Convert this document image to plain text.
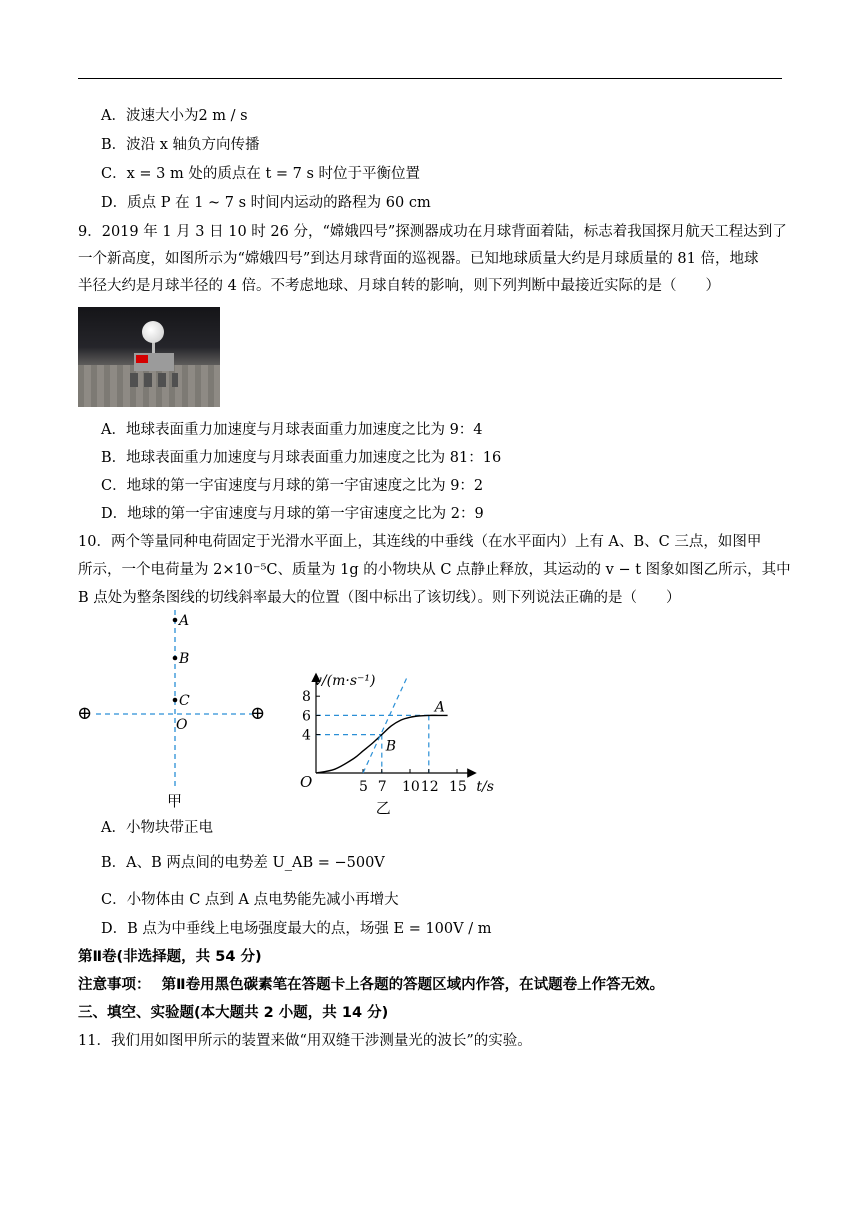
A．波速大小为2 m / s
B．波沿 x 轴负方向传播
C．x = 3 m 处的质点在 t = 7 s 时位于平衡位置
D．质点 P 在 1 ~ 7 s 时间内运动的路程为 60 cm
9．2019 年 1 月 3 日 10 时 26 分，“嫦娥四号”探测器成功在月球背面着陆，标志着我国探月航天工程达到了
一个新高度，如图所示为“嫦娥四号”到达月球背面的巡视器。已知地球质量大约是月球质量的 81 倍，地球
半径大约是月球半径的 4 倍。不考虑地球、月球自转的影响，则下列判断中最接近实际的是（　　）
A．地球表面重力加速度与月球表面重力加速度之比为 9：4
B．地球表面重力加速度与月球表面重力加速度之比为 81：16
C．地球的第一宇宙速度与月球的第一宇宙速度之比为 9：2
D．地球的第一宇宙速度与月球的第一宇宙速度之比为 2：9
10．两个等量同种电荷固定于光滑水平面上，其连线的中垂线（在水平面内）上有 A、B、C 三点，如图甲
所示，一个电荷量为 2×10⁻⁵C、质量为 1g 的小物块从 C 点静止释放，其运动的 v − t 图象如图乙所示，其中
B 点处为整条图线的切线斜率最大的位置（图中标出了该切线）。则下列说法正确的是（　　）
A
B
C
O
⊕	⊕
甲
4
6
8
5 7 10 12 15
v/(m·s⁻¹)
t/s
O
A
B
乙
A．小物块带正电
B．A、B 两点间的电势差 U_AB = −500V
C．小物体由 C 点到 A 点电势能先减小再增大
D．B 点为中垂线上电场强度最大的点，场强 E = 100V / m
第Ⅱ卷(非选择题，共 54 分)
注意事项： 第Ⅱ卷用黑色碳素笔在答题卡上各题的答题区域内作答，在试题卷上作答无效。
三、填空、实验题(本大题共 2 小题，共 14 分)
11．我们用如图甲所示的装置来做“用双缝干涉测量光的波长”的实验。
